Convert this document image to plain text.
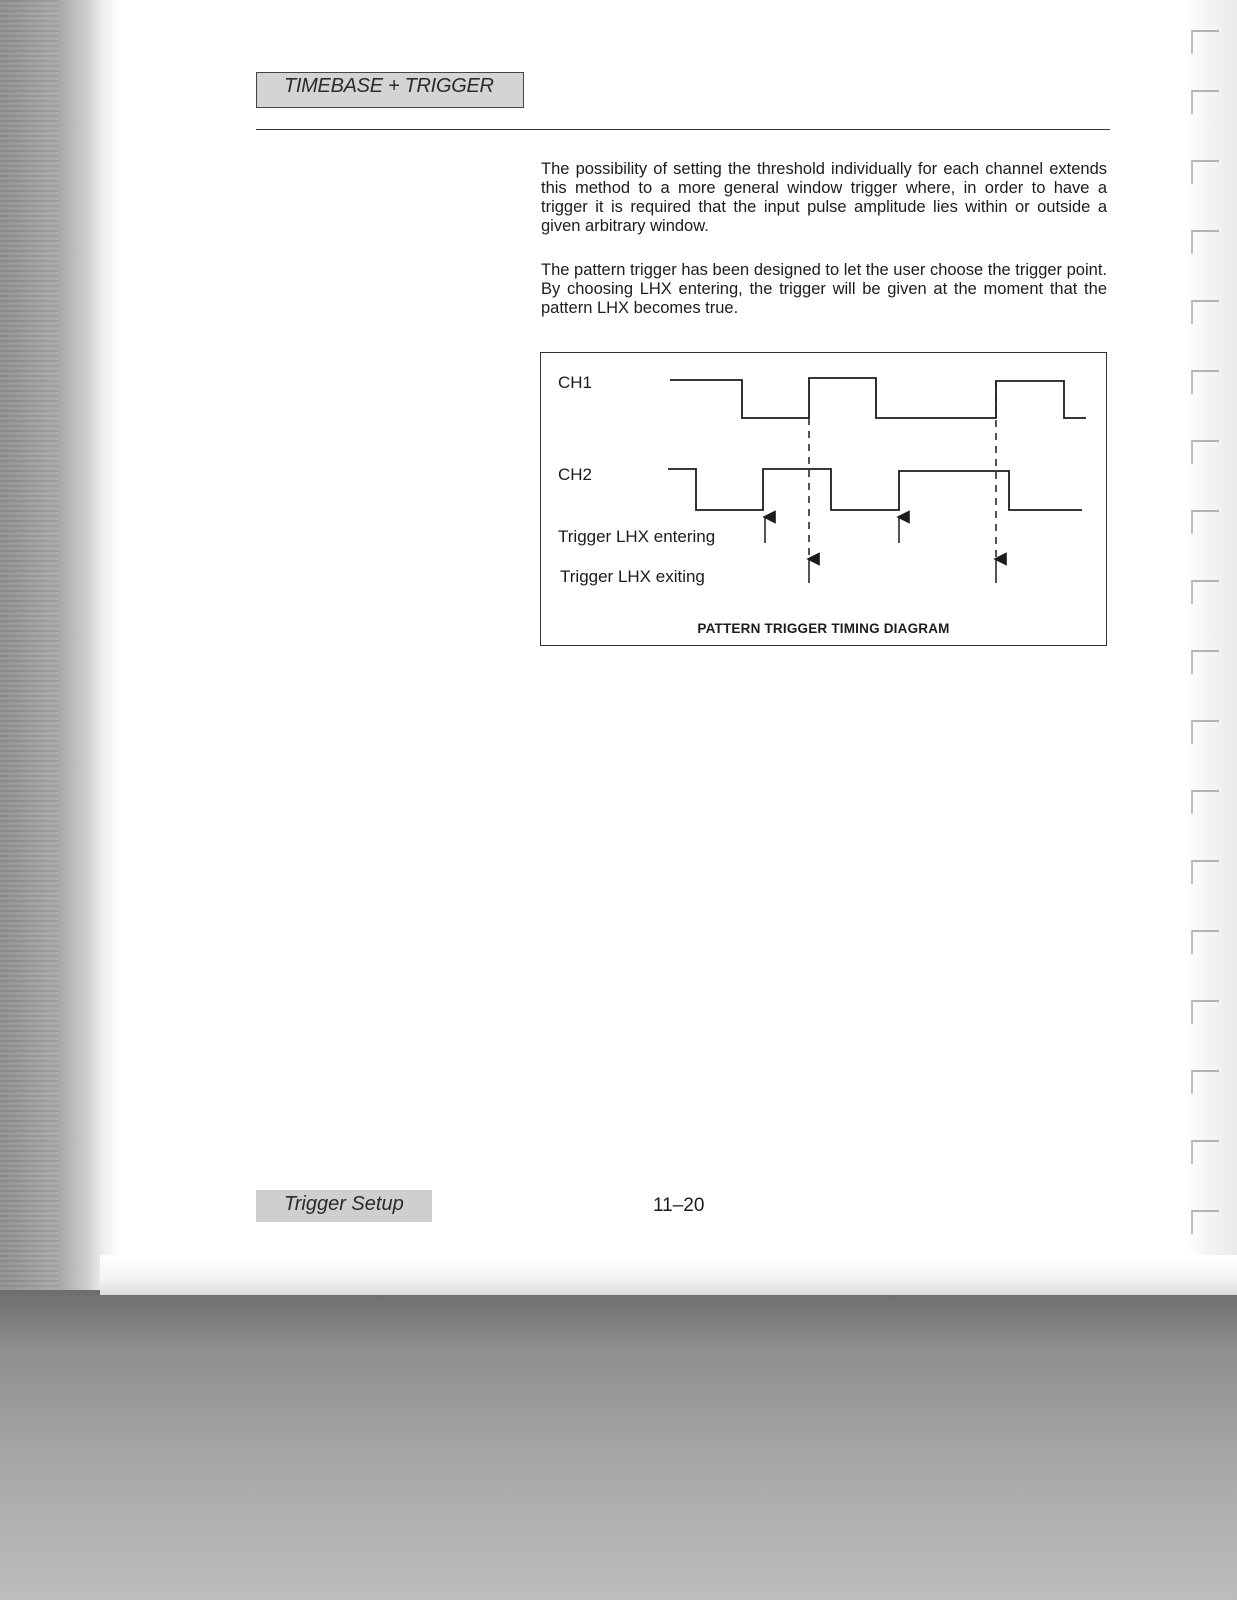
TIMEBASE + TRIGGER
The possibility of setting the threshold individually for each channel extends this method to a more general window trigger where, in order to have a trigger it is required that the input pulse amplitude lies within or outside a given arbitrary window.
The pattern trigger has been designed to let the user choose the trigger point. By choosing LHX entering, the trigger will be given at the moment that the pattern LHX becomes true.
CH1
CH2
Trigger LHX entering
Trigger LHX exiting
PATTERN TRIGGER TIMING DIAGRAM
Trigger Setup	11–20
